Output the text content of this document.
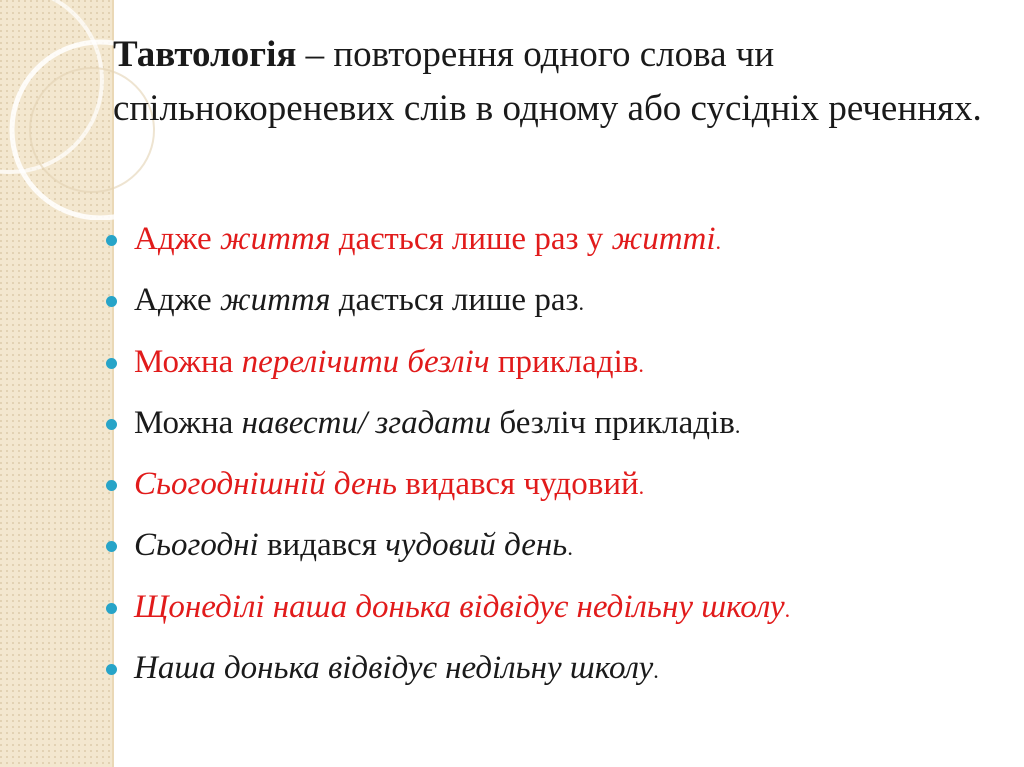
Тавтологія – повторення одного слова чи спільнокореневих слів в одному або сусідніх реченнях.
Адже життя дається лише раз у житті.
Адже життя дається лише раз.
Можна перелічити безліч прикладів.
Можна навести/ згадати безліч прикладів.
Сьогоднішній день видався чудовий.
Сьогодні видався чудовий день.
Щонеділі наша донька відвідує недільну школу.
Наша донька відвідує недільну школу.
